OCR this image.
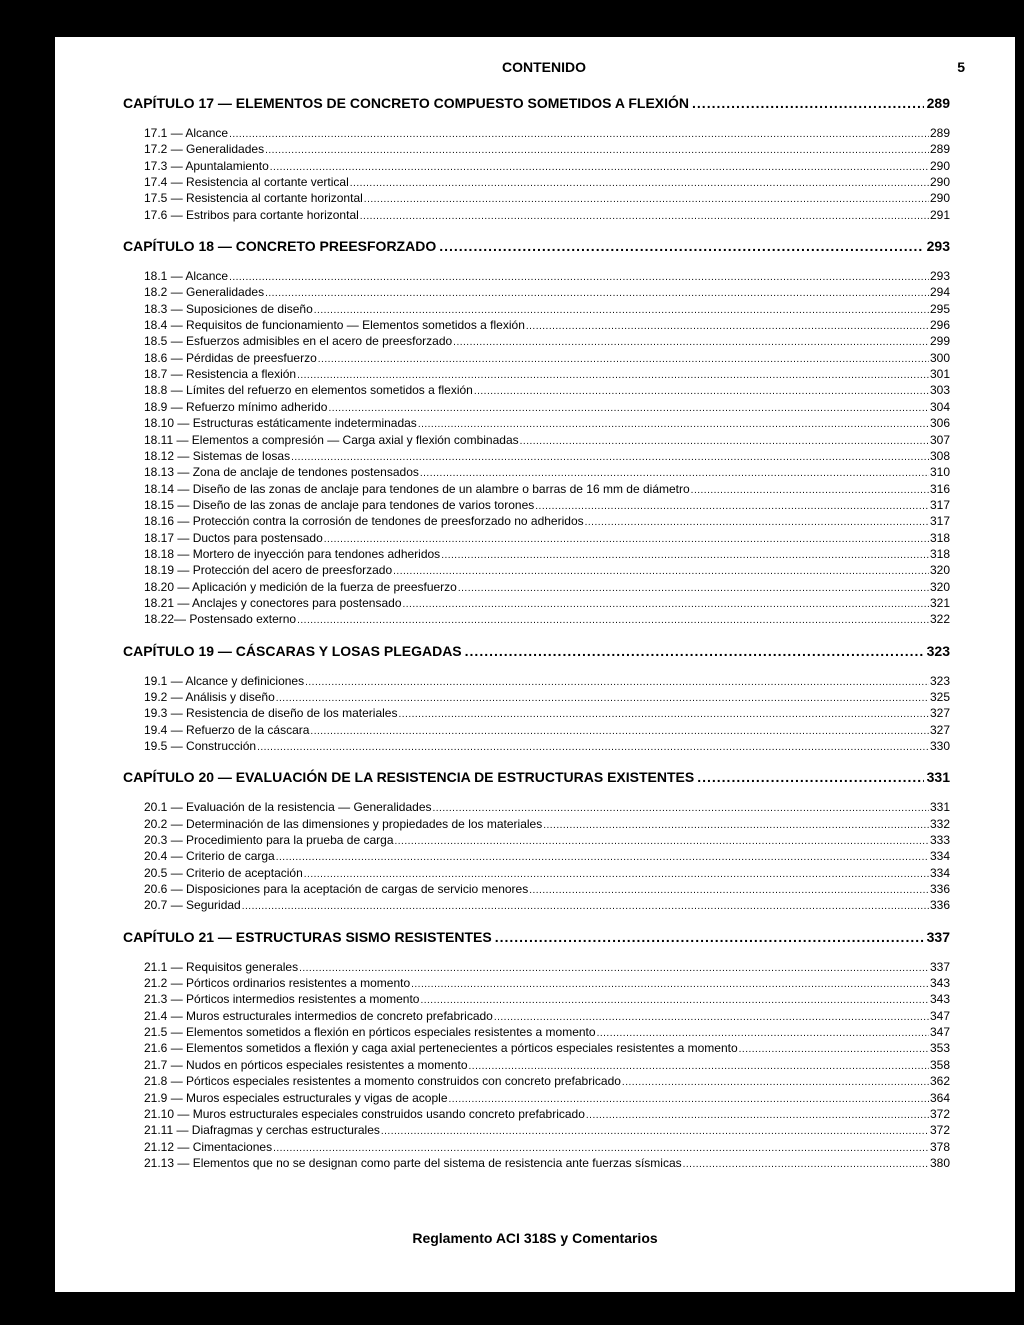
CONTENIDO	5
CAPÍTULO 17 — ELEMENTOS DE CONCRETO COMPUESTO SOMETIDOS A FLEXIÓN .....	289
17.1 — Alcance .....	289
17.2 — Generalidades .....	289
17.3 — Apuntalamiento .....	290
17.4 — Resistencia al cortante vertical .....	290
17.5 — Resistencia al cortante horizontal .....	290
17.6 — Estribos para cortante horizontal .....	291
CAPÍTULO 18 — CONCRETO PREESFORZADO .....	293
18.1 — Alcance .....	293
18.2 — Generalidades .....	294
18.3 — Suposiciones de diseño .....	295
18.4 — Requisitos de funcionamiento — Elementos sometidos a flexión .....	296
18.5 — Esfuerzos admisibles en el acero de preesforzado .....	299
18.6 — Pérdidas de preesfuerzo .....	300
18.7 — Resistencia a flexión .....	301
18.8 — Límites del refuerzo en elementos sometidos a flexión .....	303
18.9 — Refuerzo mínimo adherido .....	304
18.10 — Estructuras estáticamente indeterminadas .....	306
18.11 — Elementos a compresión — Carga axial y flexión combinadas .....	307
18.12 — Sistemas de losas .....	308
18.13 — Zona de anclaje de tendones postensados .....	310
18.14 — Diseño de las zonas de anclaje para tendones de un alambre o barras de 16 mm de diámetro .....	316
18.15 — Diseño de las zonas de anclaje para tendones de varios torones .....	317
18.16 — Protección contra la corrosión de tendones de preesforzado no adheridos .....	317
18.17 — Ductos para postensado .....	318
18.18 — Mortero de inyección para tendones adheridos .....	318
18.19 — Protección del acero de preesforzado .....	320
18.20 — Aplicación y medición de la fuerza de preesfuerzo .....	320
18.21 — Anclajes y conectores para postensado .....	321
18.22— Postensado externo .....	322
CAPÍTULO 19 — CÁSCARAS Y LOSAS PLEGADAS .....	323
19.1 — Alcance y definiciones .....	323
19.2 — Análisis y diseño .....	325
19.3 — Resistencia de diseño de los materiales .....	327
19.4 — Refuerzo de la cáscara .....	327
19.5 — Construcción .....	330
CAPÍTULO 20 — EVALUACIÓN DE LA RESISTENCIA DE ESTRUCTURAS EXISTENTES .....	331
20.1 — Evaluación de la resistencia — Generalidades .....	331
20.2 — Determinación de las dimensiones y propiedades de los materiales .....	332
20.3 — Procedimiento para la prueba de carga .....	333
20.4 — Criterio de carga .....	334
20.5 — Criterio de aceptación .....	334
20.6 — Disposiciones para la aceptación de cargas de servicio menores .....	336
20.7 — Seguridad .....	336
CAPÍTULO 21 — ESTRUCTURAS SISMO RESISTENTES .....	337
21.1 — Requisitos generales .....	337
21.2 — Pórticos ordinarios resistentes a momento .....	343
21.3 — Pórticos intermedios resistentes a momento .....	343
21.4 — Muros estructurales intermedios de concreto prefabricado .....	347
21.5 — Elementos sometidos a flexión en pórticos especiales resistentes a momento .....	347
21.6 — Elementos sometidos a flexión y caga axial pertenecientes a pórticos especiales resistentes a momento .....	353
21.7 — Nudos en pórticos especiales resistentes a momento .....	358
21.8 — Pórticos especiales resistentes a momento construidos con concreto prefabricado .....	362
21.9 — Muros especiales estructurales y vigas de acople .....	364
21.10 — Muros estructurales especiales construidos usando concreto prefabricado .....	372
21.11 — Diafragmas y cerchas estructurales .....	372
21.12 — Cimentaciones .....	378
21.13 — Elementos que no se designan como parte del sistema de resistencia ante fuerzas sísmicas .....	380
Reglamento ACI 318S y Comentarios
